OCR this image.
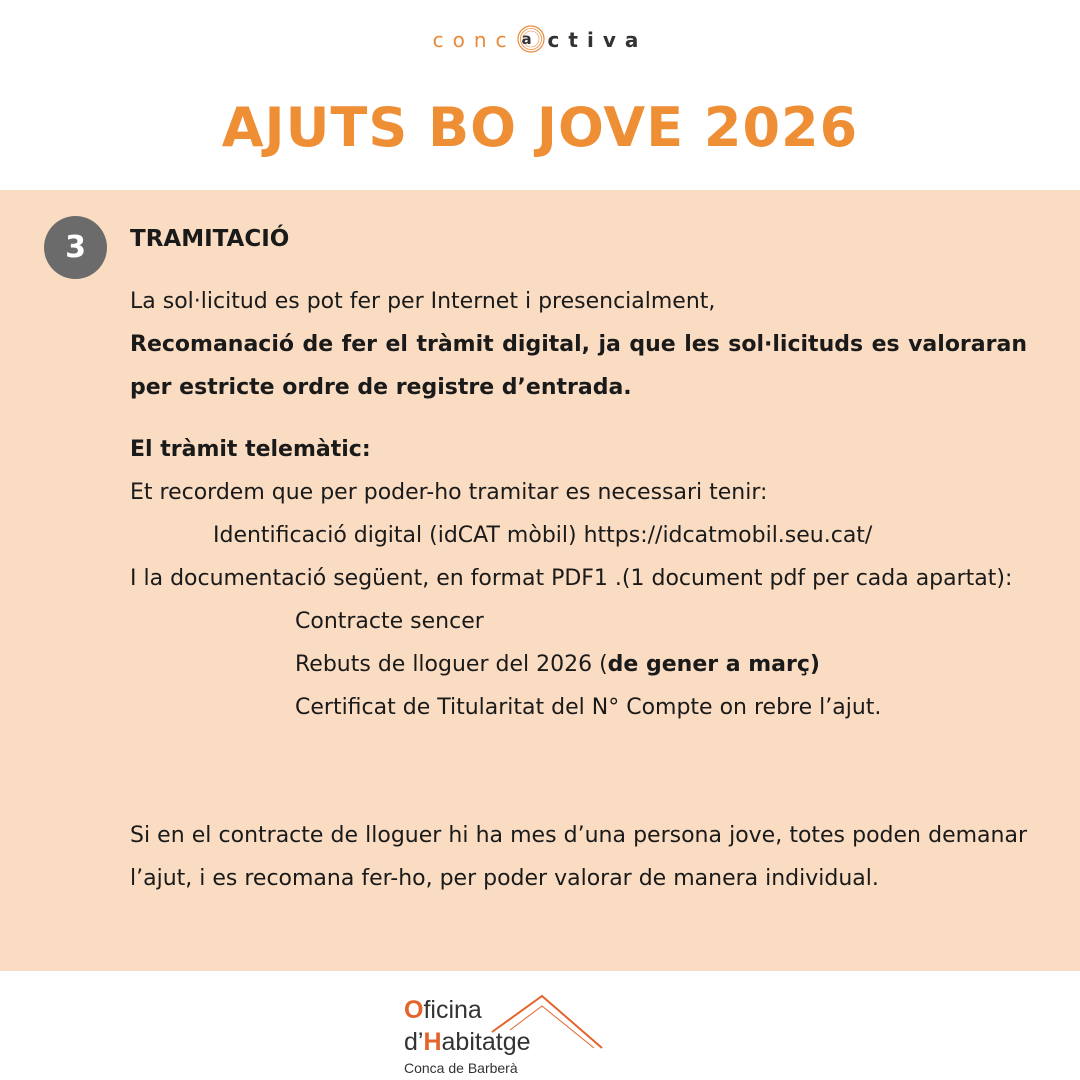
conc a ctiva
AJUTS BO JOVE 2026
3	TRAMITACIÓ

La sol·licitud es pot fer per Internet i presencialment,

Recomanació de fer el tràmit digital, ja que les sol·licituds es valoraran per estricte ordre de registre d’entrada.

El tràmit telemàtic:

Et recordem que per poder-ho tramitar es necessari tenir:

Identificació digital (idCAT mòbil) https://idcatmobil.seu.cat/

I la documentació següent, en format PDF1 .(1 document pdf per cada apartat):

Contracte sencer

Rebuts de lloguer del 2026 (de gener a març)

Certificat de Titularitat del N° Compte on rebre l’ajut.

Si en el contracte de lloguer hi ha mes d’una persona jove, totes poden demanar l’ajut, i es recomana fer-ho, per poder valorar de manera individual.

Oficina
d’Habitatge
Conca de Barberà
